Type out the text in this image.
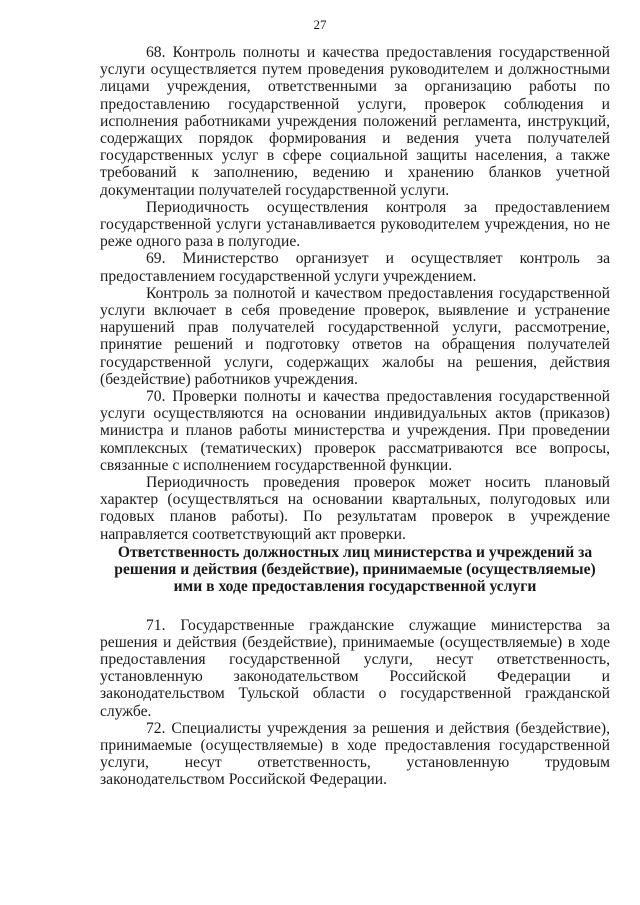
27

68. Контроль полноты и качества предоставления государственной услуги осуществляется путем проведения руководителем и должностными лицами учреждения, ответственными за организацию работы по предоставлению государственной услуги, проверок соблюдения и исполнения работниками учреждения положений регламента, инструкций, содержащих порядок формирования и ведения учета получателей государственных услуг в сфере социальной защиты населения, а также требований к заполнению, ведению и хранению бланков учетной документации получателей государственной услуги.

Периодичность осуществления контроля за предоставлением государственной услуги устанавливается руководителем учреждения, но не реже одного раза в полугодие.

69. Министерство организует и осуществляет контроль за предоставлением государственной услуги учреждением.

Контроль за полнотой и качеством предоставления государственной услуги включает в себя проведение проверок, выявление и устранение нарушений прав получателей государственной услуги, рассмотрение, принятие решений и подготовку ответов на обращения получателей государственной услуги, содержащих жалобы на решения, действия (бездействие) работников учреждения.

70. Проверки полноты и качества предоставления государственной услуги осуществляются на основании индивидуальных актов (приказов) министра и планов работы министерства и учреждения. При проведении комплексных (тематических) проверок рассматриваются все вопросы, связанные с исполнением государственной функции.

Периодичность проведения проверок может носить плановый характер (осуществляться на основании квартальных, полугодовых или годовых планов работы). По результатам проверок в учреждение направляется соответствующий акт проверки.

Ответственность должностных лиц министерства и учреждений за решения и действия (бездействие), принимаемые (осуществляемые) ими в ходе предоставления государственной услуги

71. Государственные гражданские служащие министерства за решения и действия (бездействие), принимаемые (осуществляемые) в ходе предоставления государственной услуги, несут ответственность, установленную законодательством Российской Федерации и законодательством Тульской области о государственной гражданской службе.

72. Специалисты учреждения за решения и действия (бездействие), принимаемые (осуществляемые) в ходе предоставления государственной услуги, несут ответственность, установленную трудовым законодательством Российской Федерации.
